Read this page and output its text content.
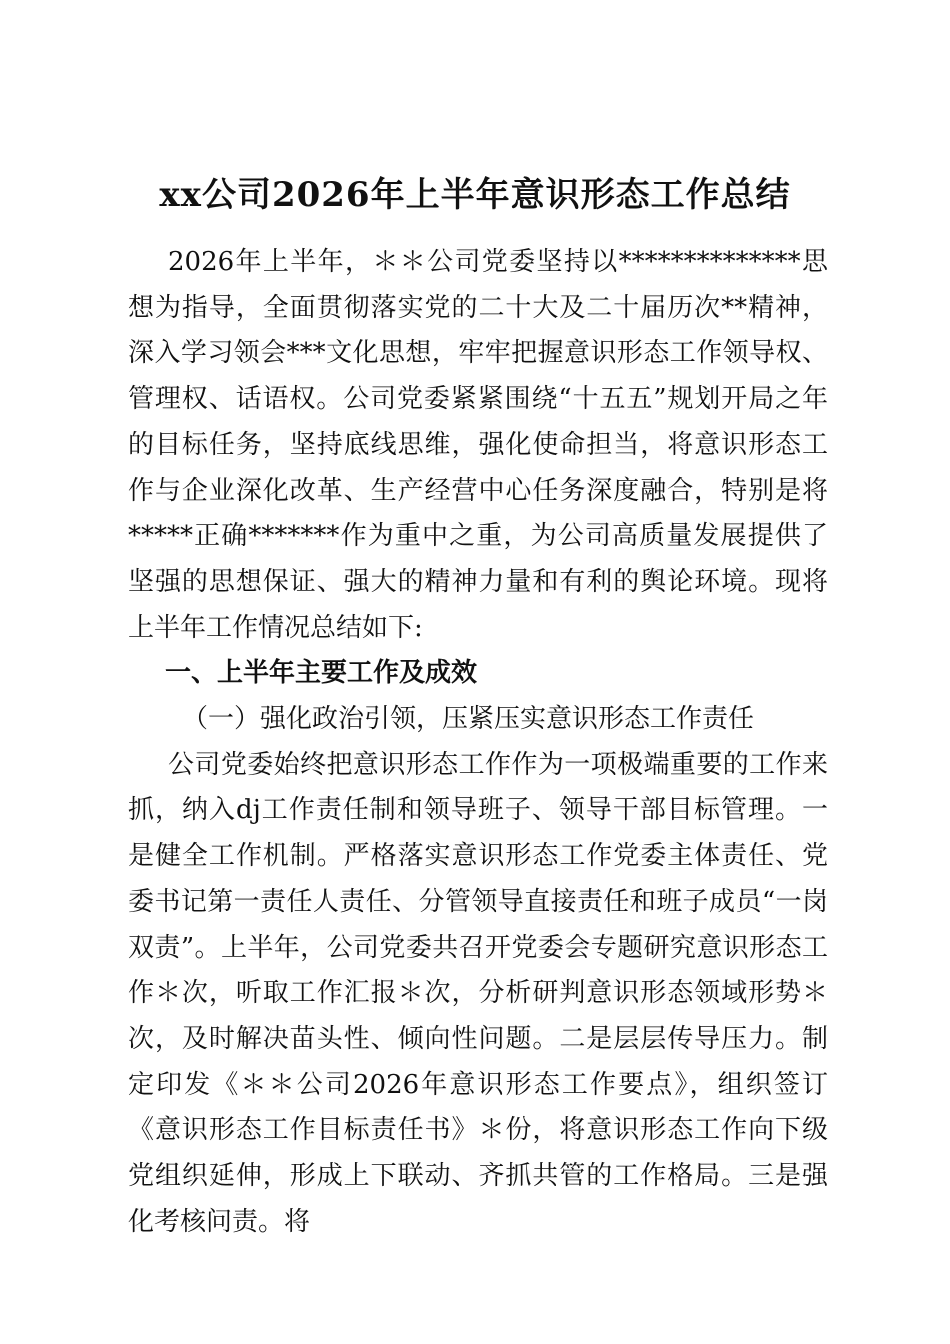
xx公司2026年上半年意识形态工作总结

2026年上半年，＊＊公司党委坚持以**************思想为指导，全面贯彻落实党的二十大及二十届历次**精神，深入学习领会***文化思想，牢牢把握意识形态工作领导权、管理权、话语权。公司党委紧紧围绕“十五五”规划开局之年的目标任务，坚持底线思维，强化使命担当，将意识形态工作与企业深化改革、生产经营中心任务深度融合，特别是将*****正确*******作为重中之重，为公司高质量发展提供了坚强的思想保证、强大的精神力量和有利的舆论环境。现将上半年工作情况总结如下:

一、上半年主要工作及成效

（一）强化政治引领，压紧压实意识形态工作责任

公司党委始终把意识形态工作作为一项极端重要的工作来抓，纳入dj工作责任制和领导班子、领导干部目标管理。一是健全工作机制。严格落实意识形态工作党委主体责任、党委书记第一责任人责任、分管领导直接责任和班子成员“一岗双责”。上半年，公司党委共召开党委会专题研究意识形态工作＊次，听取工作汇报＊次，分析研判意识形态领域形势＊次，及时解决苗头性、倾向性问题。二是层层传导压力。制定印发《＊＊公司2026年意识形态工作要点》，组织签订《意识形态工作目标责任书》＊份，将意识形态工作向下级党组织延伸，形成上下联动、齐抓共管的工作格局。三是强化考核问责。将
